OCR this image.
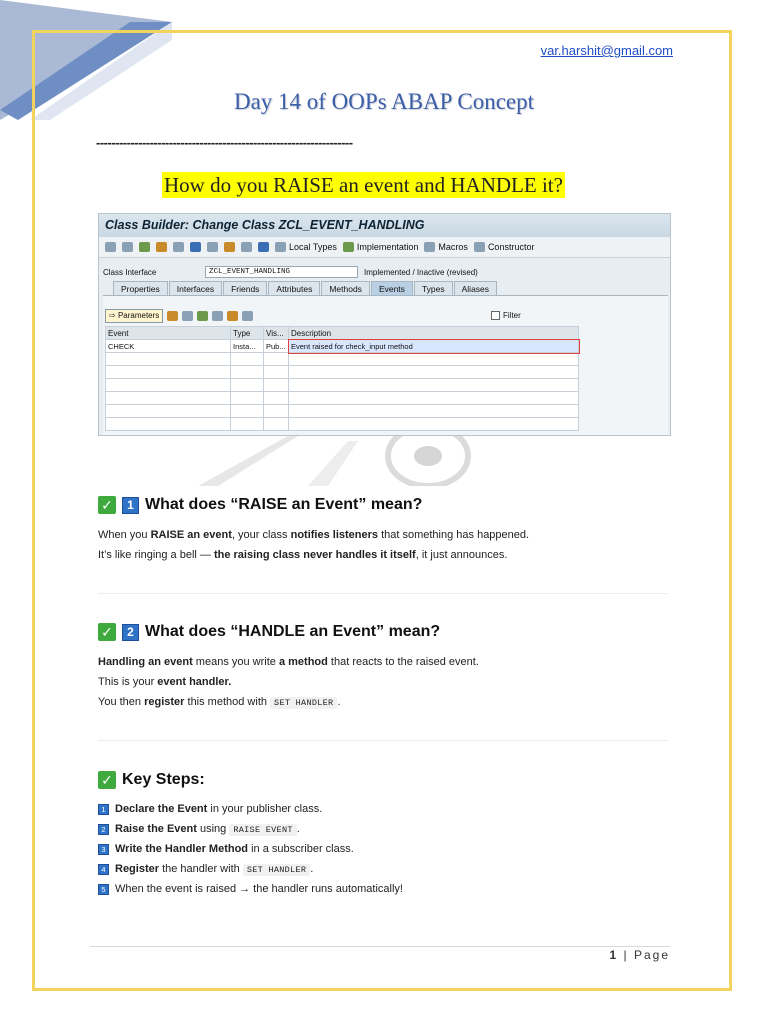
var.harshit@gmail.com
Day 14 of OOPs ABAP Concept
-------------------------------------------------------------------
How do you RAISE an event and HANDLE it?
Class Builder: Change Class ZCL_EVENT_HANDLING
Local Types Implementation Macros Constructor
Class Interface	ZCL_EVENT_HANDLING	Implemented / Inactive (revised)
Properties	Interfaces	Friends	Attributes	Methods	Events	Types	Aliases
⇨ Parameters	Filter
Event	Type	Vis...	Description
CHECK	Insta...	Pub...	Event raised for check_input method

✓	1 What does “RAISE an Event” mean?
When you RAISE an event, your class notifies listeners that something has happened.
It’s like ringing a bell — the raising class never handles it itself, it just announces.
✓	2 What does “HANDLE an Event” mean?
Handling an event means you write a method that reacts to the raised event.
This is your event handler.
You then register this method with SET HANDLER .
✓ Key Steps:
1 Declare the Event in your publisher class.
2 Raise the Event using RAISE EVENT .
3 Write the Handler Method in a subscriber class.
4 Register the handler with SET HANDLER .
5 When the event is raised → the handler runs automatically!
1 | Page
